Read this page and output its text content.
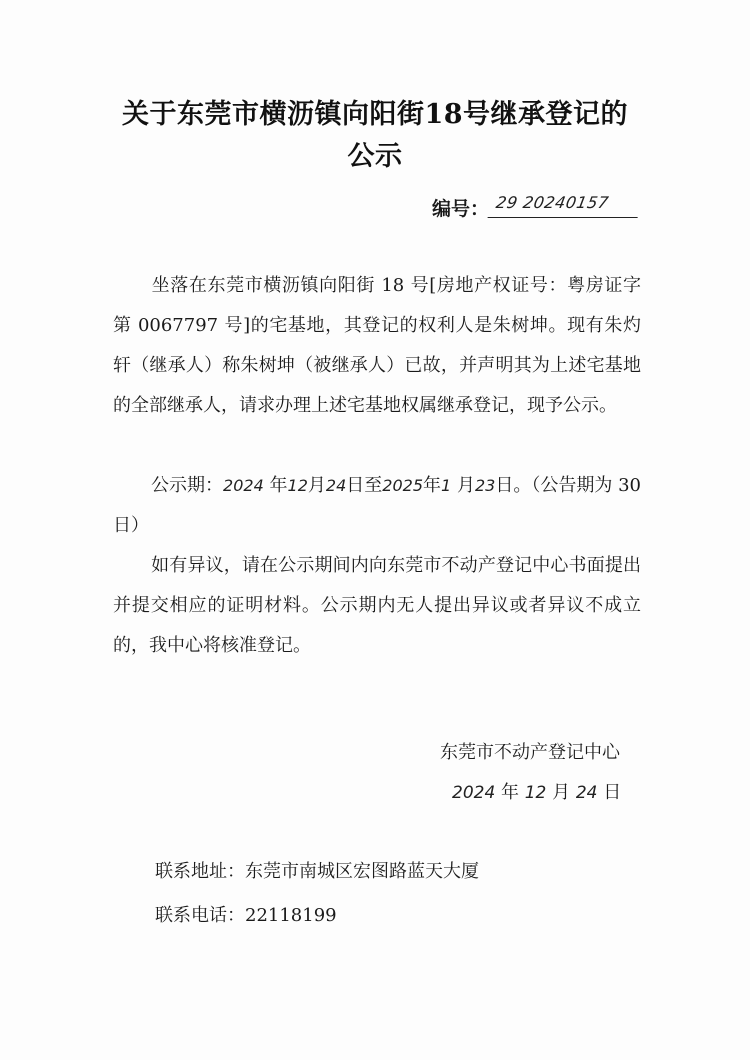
关于东莞市横沥镇向阳街18号继承登记的
公示
编号： 29 20240157
坐落在东莞市横沥镇向阳街 18 号[房地产权证号：粤房证字第 0067797 号]的宅基地，其登记的权利人是朱树坤。现有朱灼轩（继承人）称朱树坤（被继承人）已故，并声明其为上述宅基地的全部继承人，请求办理上述宅基地权属继承登记，现予公示。
公示期：2024 年12月24日至2025年1 月23日。（公告期为 30 日）
如有异议，请在公示期间内向东莞市不动产登记中心书面提出并提交相应的证明材料。公示期内无人提出异议或者异议不成立的，我中心将核准登记。
东莞市不动产登记中心
2024 年 12 月 24 日
联系地址：东莞市南城区宏图路蓝天大厦
联系电话：22118199
